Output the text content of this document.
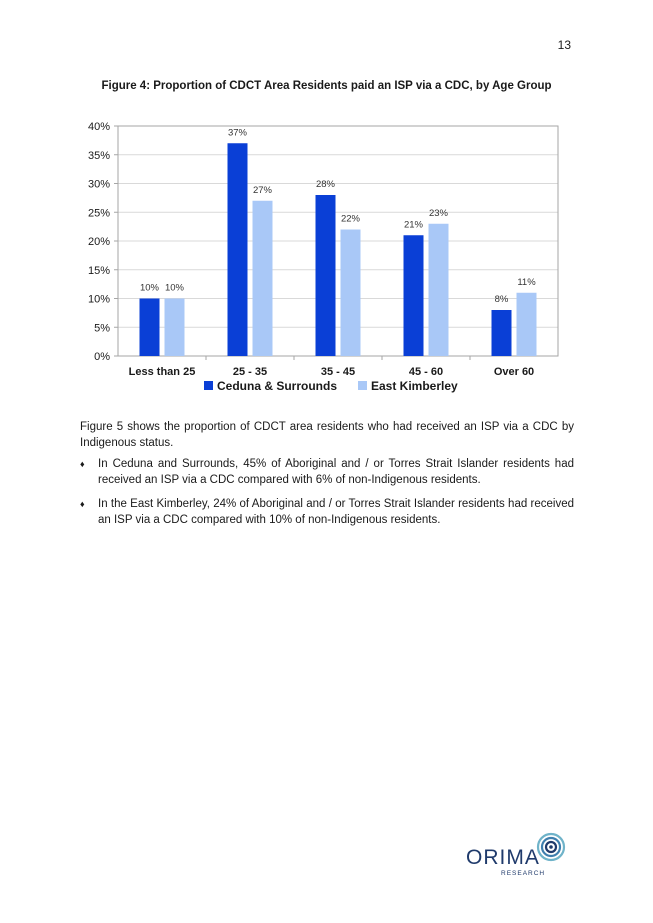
13
Figure 4: Proportion of CDCT Area Residents paid an ISP via a CDC, by Age Group
0%
5%
10%
15%
20%
25%
30%
35%
40%
Less than 25
10% 10%
25 - 35
37%
27%
35 - 45
28%
22%
45 - 60
21%
23%
Over 60
8%
11%
Ceduna & Surrounds	East Kimberley
Figure 5 shows the proportion of CDCT area residents who had received an ISP via a CDC by Indigenous status.
♦ In Ceduna and Surrounds, 45% of Aboriginal and / or Torres Strait Islander residents had received an ISP via a CDC compared with 6% of non-Indigenous residents.
♦ In the East Kimberley, 24% of Aboriginal and / or Torres Strait Islander residents had received an ISP via a CDC compared with 10% of non-Indigenous residents.
ORIMA
RESEARCH
